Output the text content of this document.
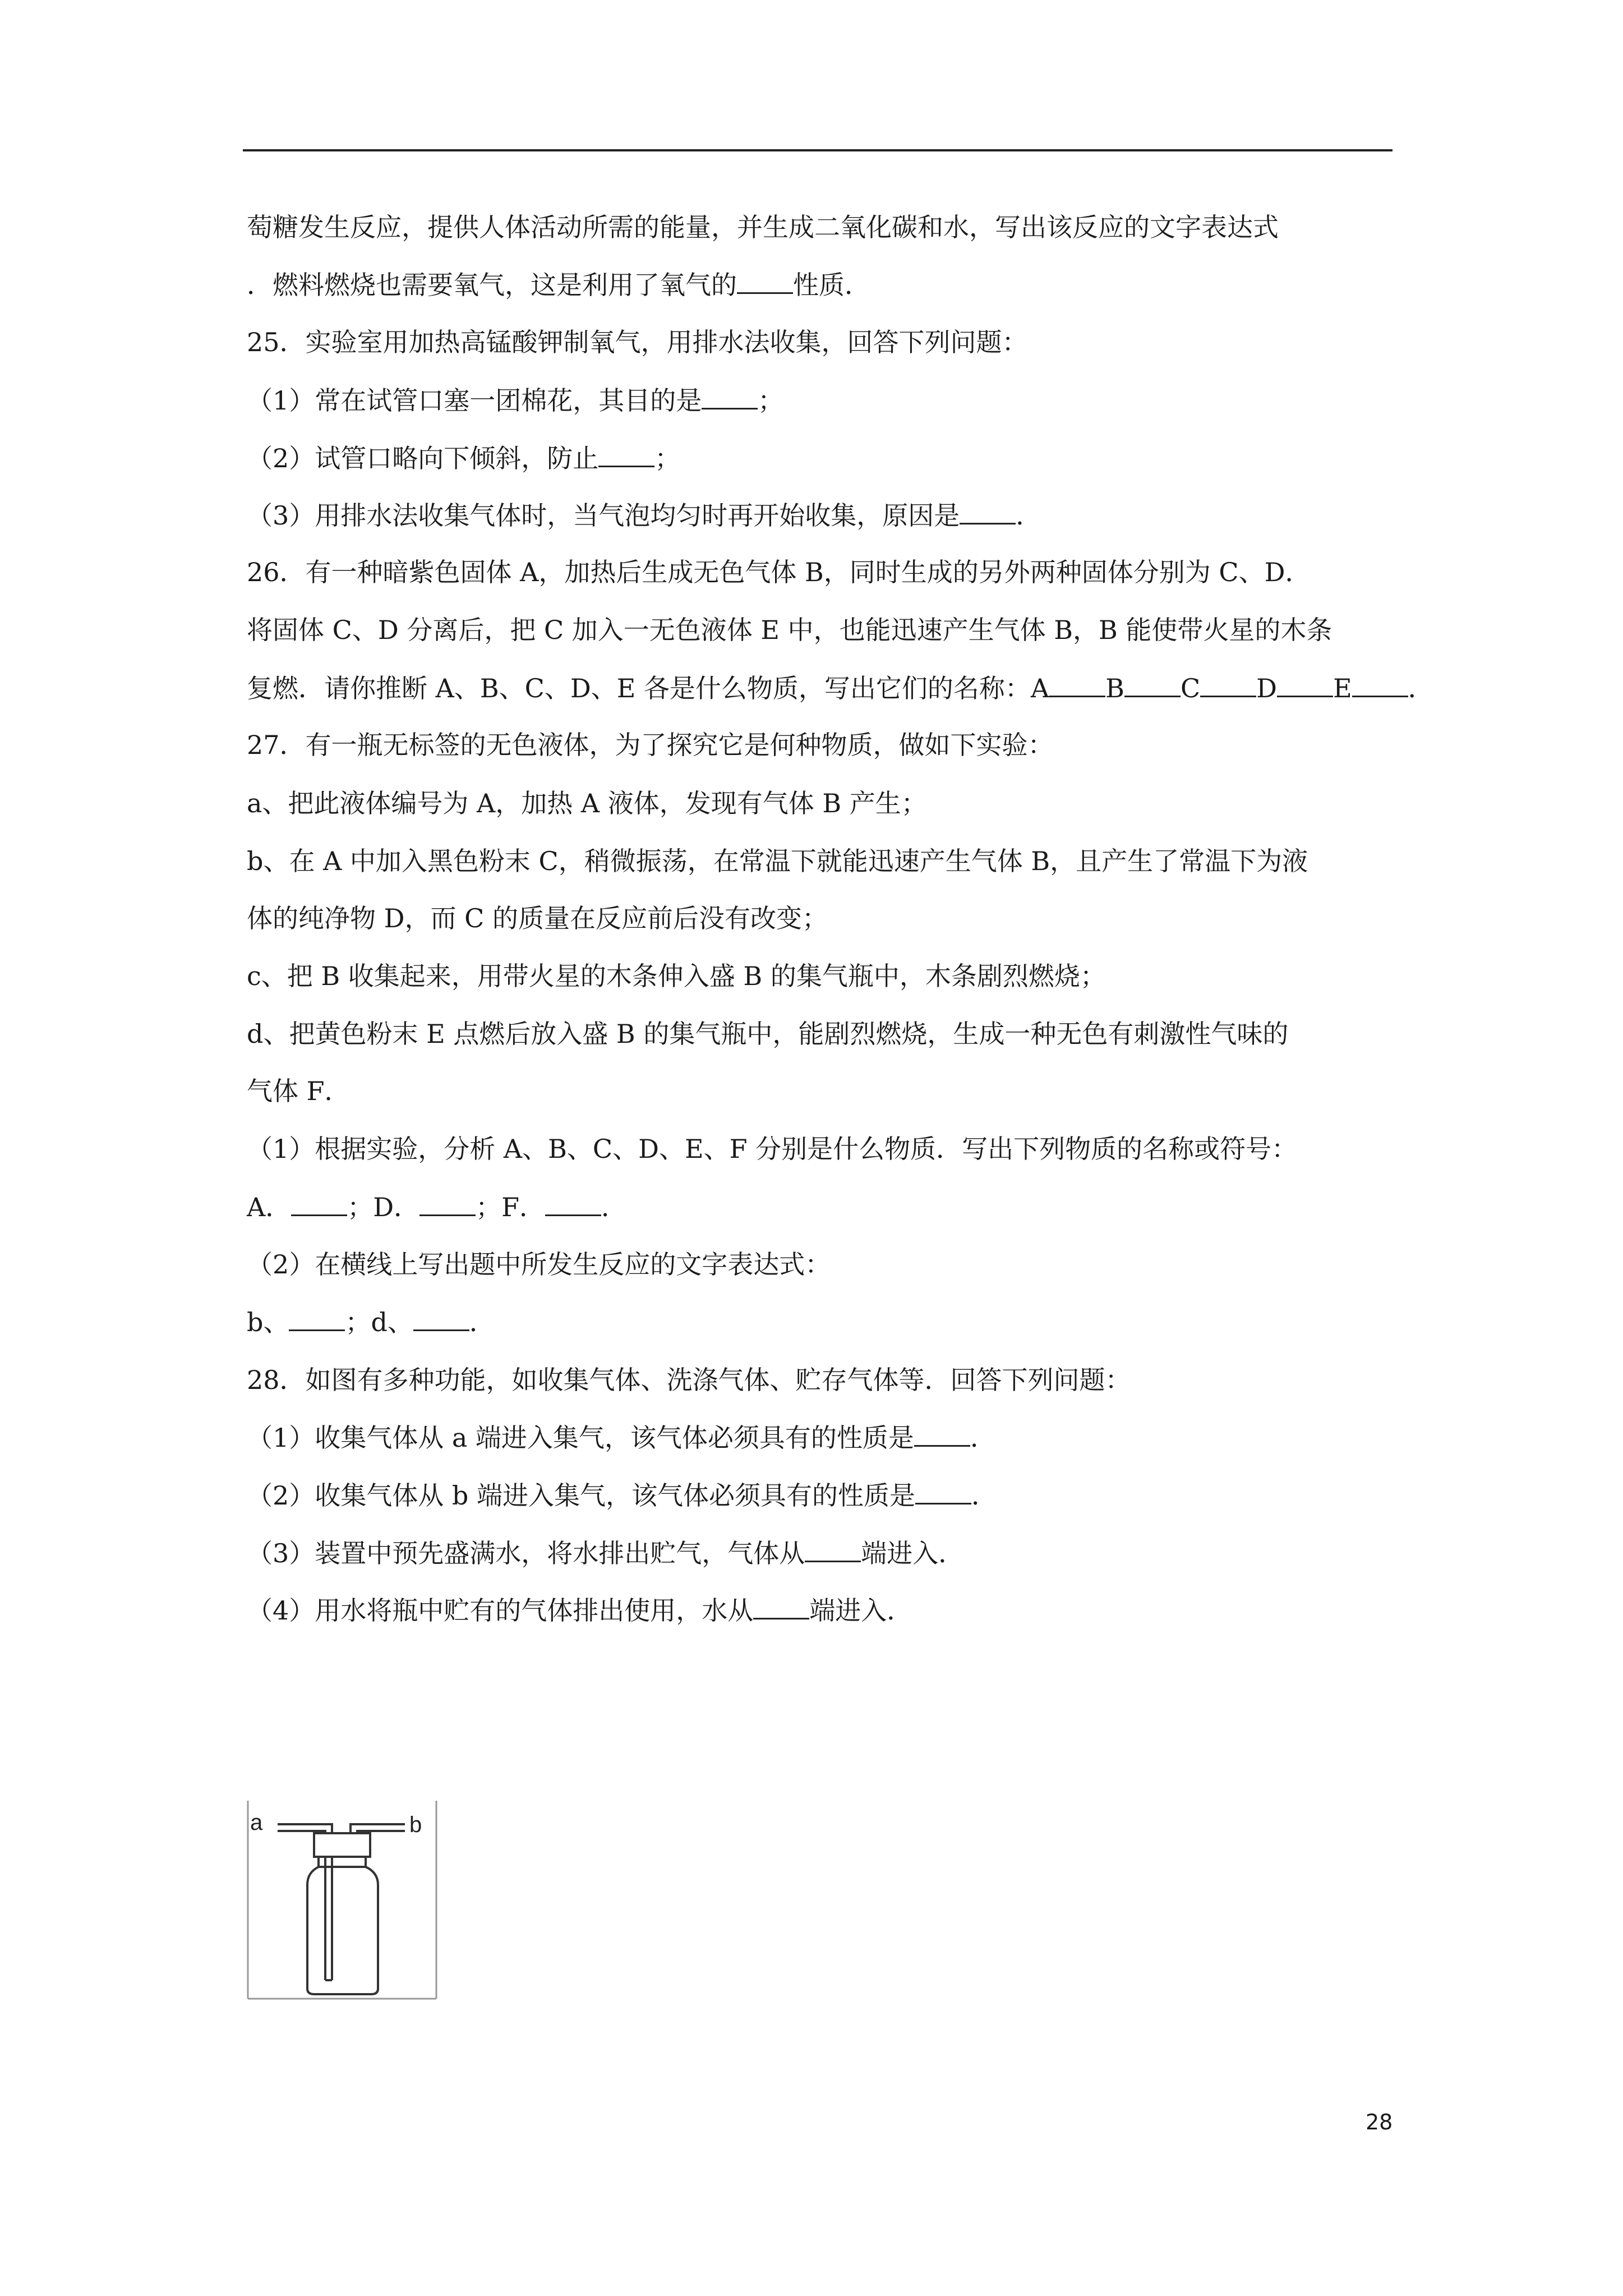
萄糖发生反应，提供人体活动所需的能量，并生成二氧化碳和水，写出该反应的文字表达式
．燃料燃烧也需要氧气，这是利用了氧气的 性质．
25．实验室用加热高锰酸钾制氧气，用排水法收集，回答下列问题：
（1）常在试管口塞一团棉花，其目的是 ；
（2）试管口略向下倾斜，防止 ；
（3）用排水法收集气体时，当气泡均匀时再开始收集，原因是 ．
26．有一种暗紫色固体 A，加热后生成无色气体 B，同时生成的另外两种固体分别为 C、D．
将固体 C、D 分离后，把 C 加入一无色液体 E 中，也能迅速产生气体 B，B 能使带火星的木条
复燃．请你推断 A、B、C、D、E 各是什么物质，写出它们的名称：A B C D E ．
27．有一瓶无标签的无色液体，为了探究它是何种物质，做如下实验：
a、把此液体编号为 A，加热 A 液体，发现有气体 B 产生；
b、在 A 中加入黑色粉末 C，稍微振荡，在常温下就能迅速产生气体 B，且产生了常温下为液
体的纯净物 D，而 C 的质量在反应前后没有改变；
c、把 B 收集起来，用带火星的木条伸入盛 B 的集气瓶中，木条剧烈燃烧；
d、把黄色粉末 E 点燃后放入盛 B 的集气瓶中，能剧烈燃烧，生成一种无色有刺激性气味的
气体 F．
（1）根据实验，分析 A、B、C、D、E、F 分别是什么物质．写出下列物质的名称或符号：
A． ；D． ；F． ．
（2）在横线上写出题中所发生反应的文字表达式：
b、 ；d、 ．
28．如图有多种功能，如收集气体、洗涤气体、贮存气体等．回答下列问题：
（1）收集气体从 a 端进入集气，该气体必须具有的性质是 ．
（2）收集气体从 b 端进入集气，该气体必须具有的性质是 ．
（3）装置中预先盛满水，将水排出贮气，气体从 端进入．
（4）用水将瓶中贮有的气体排出使用，水从 端进入．
a	b
28
